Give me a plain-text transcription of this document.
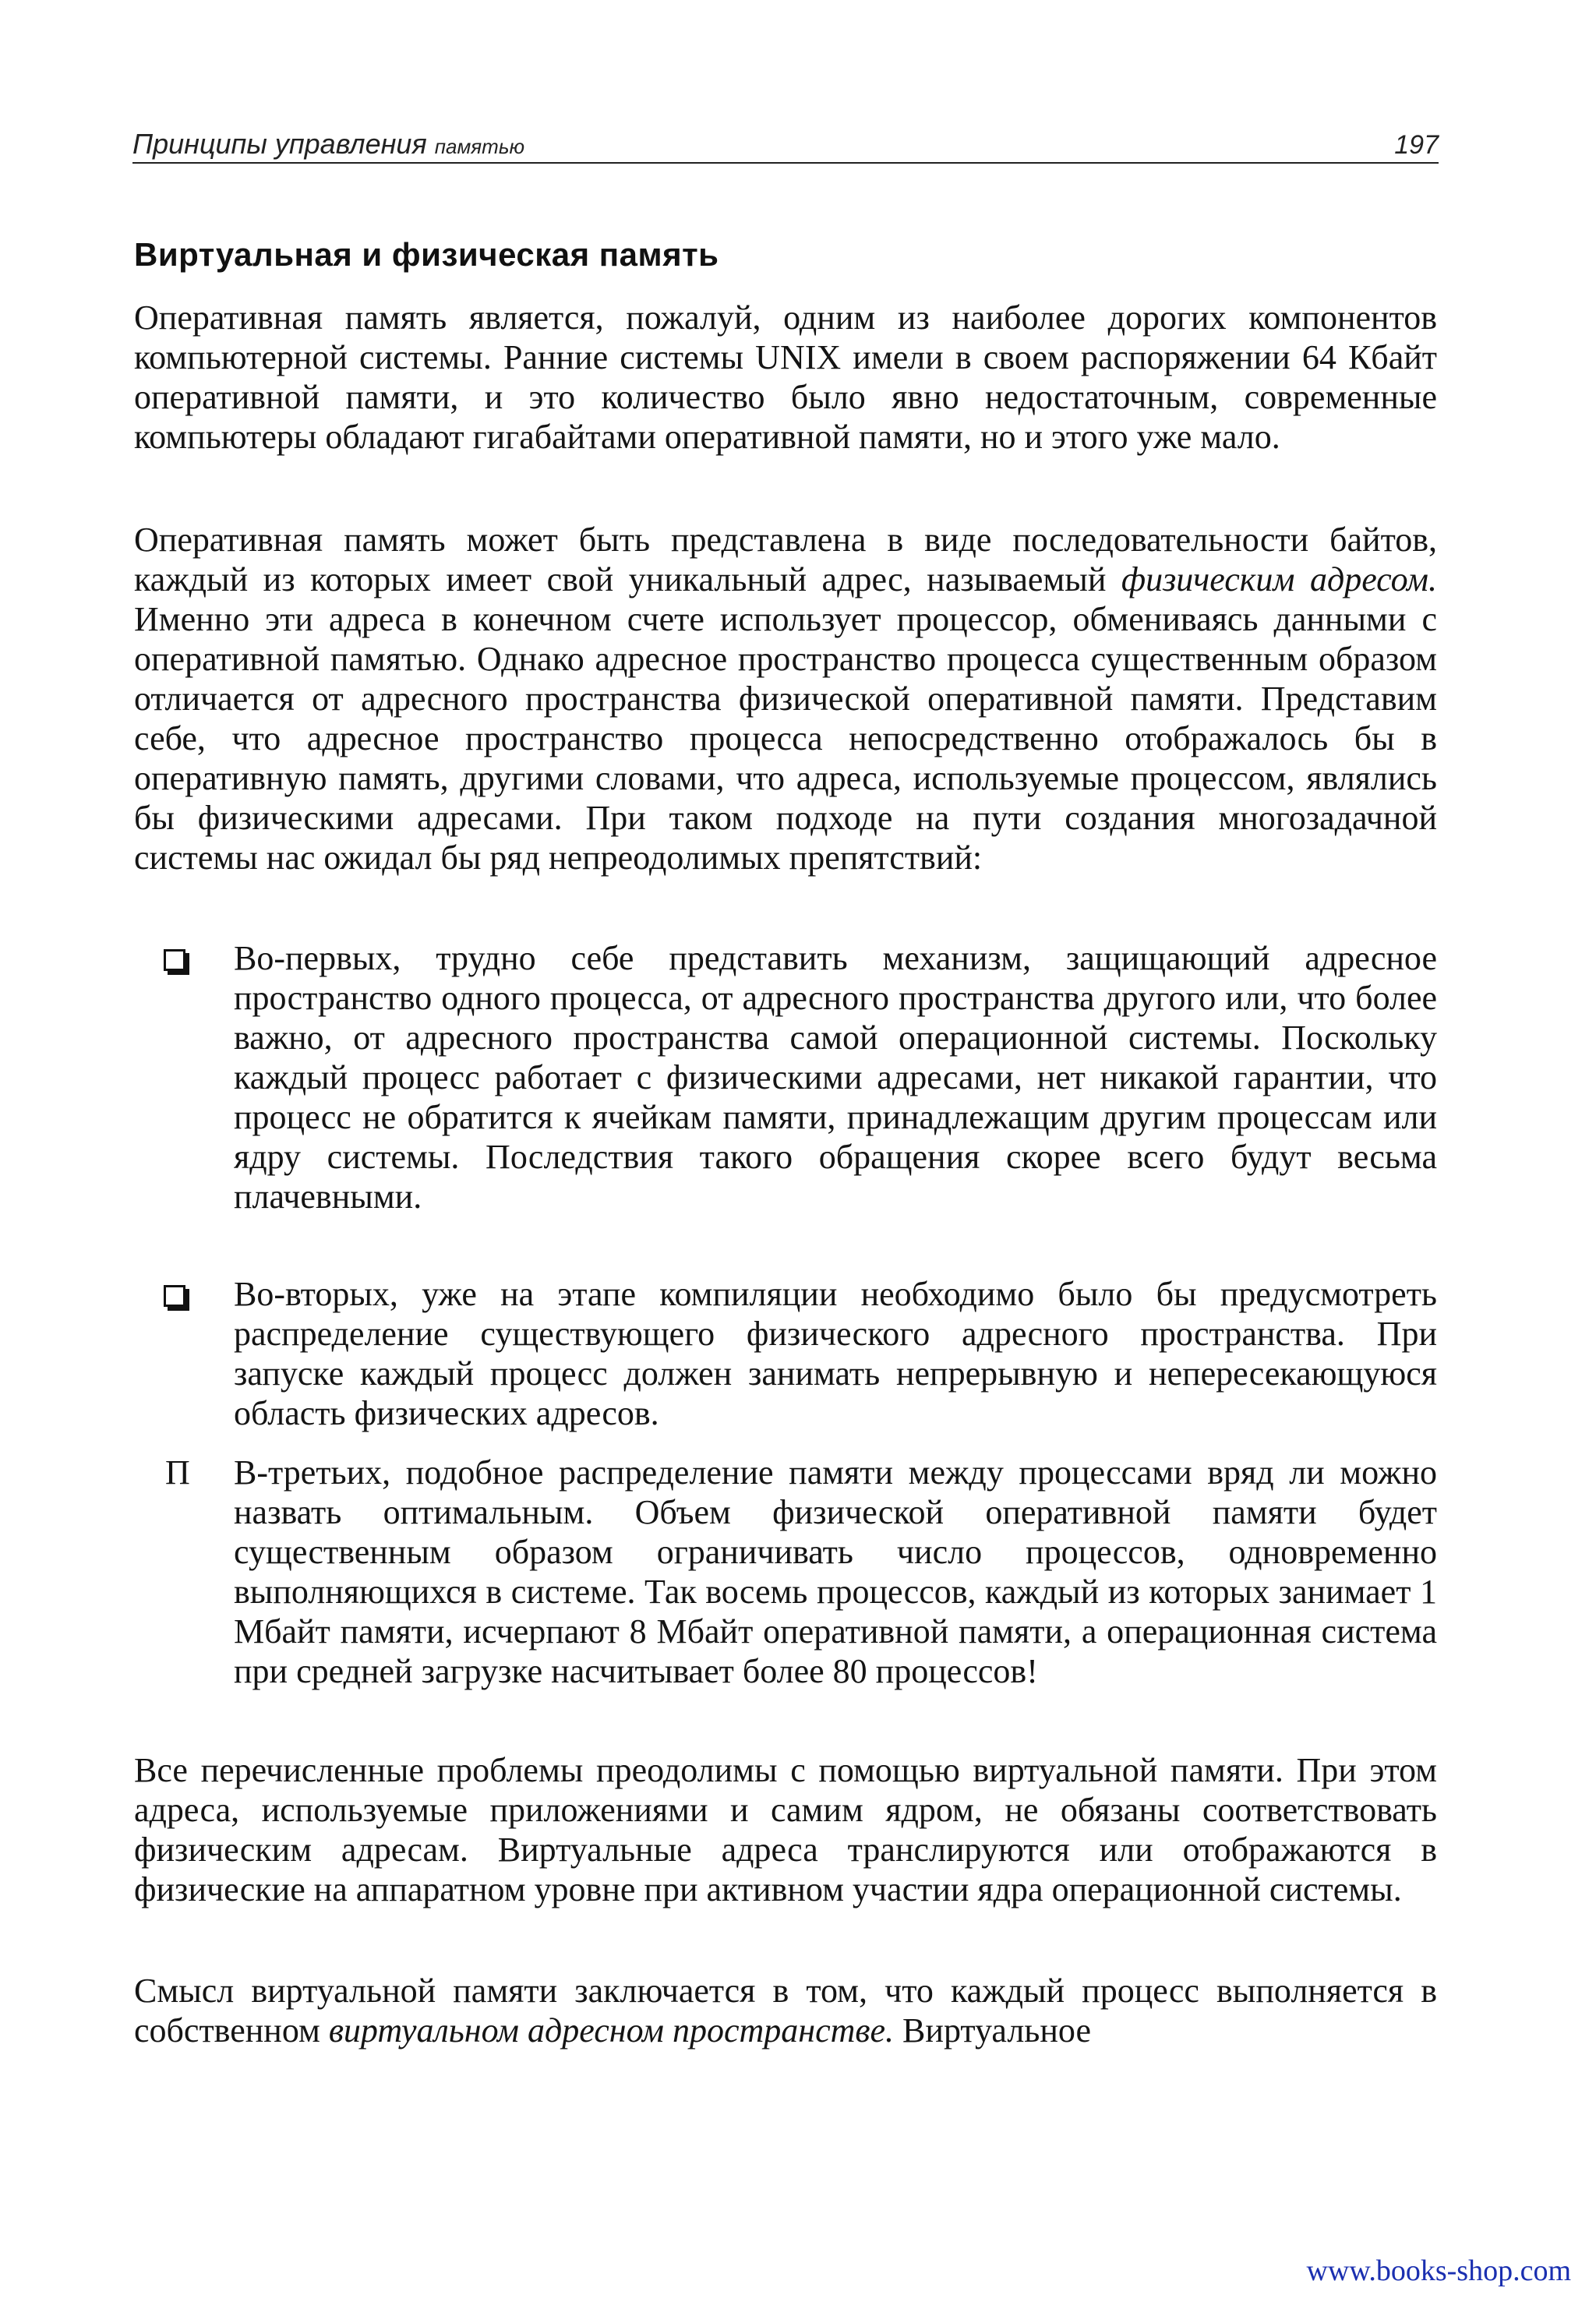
Принципы управления памятью	197
Виртуальная и физическая память

Оперативная память является, пожалуй, одним из наиболее дорогих компонентов компьютерной системы. Ранние системы UNIX имели в своем распоряжении 64 Кбайт оперативной памяти, и это количество было явно недостаточным, современные компьютеры обладают гигабайтами оперативной памяти, но и этого уже мало.

Оперативная память может быть представлена в виде последовательности байтов, каждый из которых имеет свой уникальный адрес, называемый физическим адресом. Именно эти адреса в конечном счете использует процессор, обмениваясь данными с оперативной памятью. Однако адресное пространство процесса существенным образом отличается от адресного пространства физической оперативной памяти. Представим себе, что адресное пространство процесса непосредственно отображалось бы в оперативную память, другими словами, что адреса, используемые процессом, являлись бы физическими адресами. При таком подходе на пути создания многозадачной системы нас ожидал бы ряд непреодолимых препятствий:

Во-первых, трудно себе представить механизм, защищающий адресное пространство одного процесса, от адресного пространства другого или, что более важно, от адресного пространства самой операционной системы. Поскольку каждый процесс работает с физическими адресами, нет никакой гарантии, что процесс не обратится к ячейкам памяти, принадлежащим другим процессам или ядру системы. Последствия такого обращения скорее всего будут весьма плачевными.
Во-вторых, уже на этапе компиляции необходимо было бы предусмотреть распределение существующего физического адресного пространства. При запуске каждый процесс должен занимать непрерывную и непересекающуюся область физических адресов.
П В-третьих, подобное распределение памяти между процессами вряд ли можно назвать оптимальным. Объем физической оперативной памяти будет существенным образом ограничивать число процессов, одновременно выполняющихся в системе. Так восемь процессов, каждый из которых занимает 1 Мбайт памяти, исчерпают 8 Мбайт оперативной памяти, а операционная система при средней загрузке насчитывает более 80 процессов!

Все перечисленные проблемы преодолимы с помощью виртуальной памяти. При этом адреса, используемые приложениями и самим ядром, не обязаны соответствовать физическим адресам. Виртуальные адреса транслируются или отображаются в физические на аппаратном уровне при активном участии ядра операционной системы.

Смысл виртуальной памяти заключается в том, что каждый процесс выполняется в собственном виртуальном адресном пространстве. Виртуальное

www.books-shop.com
